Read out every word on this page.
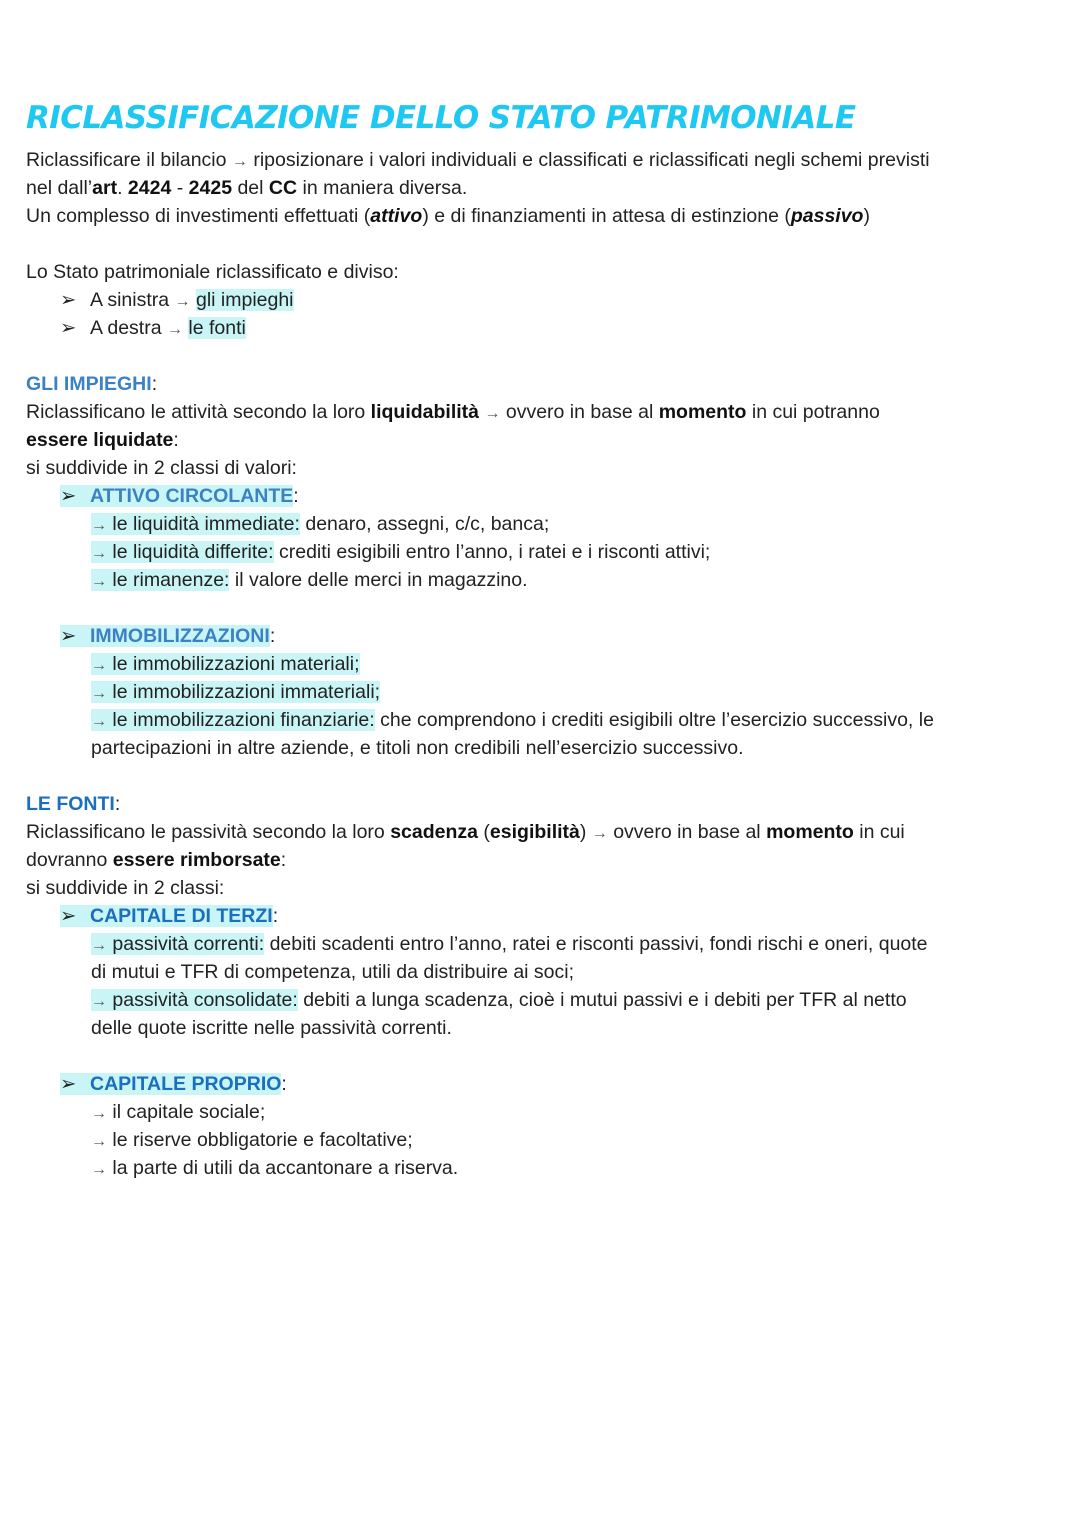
RICLASSIFICAZIONE DELLO STATO PATRIMONIALE
Riclassificare il bilancio → riposizionare i valori individuali e classificati e riclassificati negli schemi previsti
nel dall’art. 2424 - 2425 del CC in maniera diversa.
Un complesso di investimenti effettuati (attivo) e di finanziamenti in attesa di estinzione (passivo)
Lo Stato patrimoniale riclassificato e diviso:
➢ A sinistra → gli impieghi
➢ A destra → le fonti
GLI IMPIEGHI:
Riclassificano le attività secondo la loro liquidabilità → ovvero in base al momento in cui potranno
essere liquidate:
si suddivide in 2 classi di valori:
➢ ATTIVO CIRCOLANTE:
→ le liquidità immediate: denaro, assegni, c/c, banca;
→ le liquidità differite: crediti esigibili entro l’anno, i ratei e i risconti attivi;
→ le rimanenze: il valore delle merci in magazzino.
➢ IMMOBILIZZAZIONI:
→ le immobilizzazioni materiali;
→ le immobilizzazioni immateriali;
→ le immobilizzazioni finanziarie: che comprendono i crediti esigibili oltre l’esercizio successivo, le
partecipazioni in altre aziende, e titoli non credibili nell’esercizio successivo.
LE FONTI:
Riclassificano le passività secondo la loro scadenza (esigibilità) → ovvero in base al momento in cui
dovranno essere rimborsate:
si suddivide in 2 classi:
➢ CAPITALE DI TERZI:
→ passività correnti: debiti scadenti entro l’anno, ratei e risconti passivi, fondi rischi e oneri, quote
di mutui e TFR di competenza, utili da distribuire ai soci;
→ passività consolidate: debiti a lunga scadenza, cioè i mutui passivi e i debiti per TFR al netto
delle quote iscritte nelle passività correnti.
➢ CAPITALE PROPRIO:
→ il capitale sociale;
→ le riserve obbligatorie e facoltative;
→ la parte di utili da accantonare a riserva.
